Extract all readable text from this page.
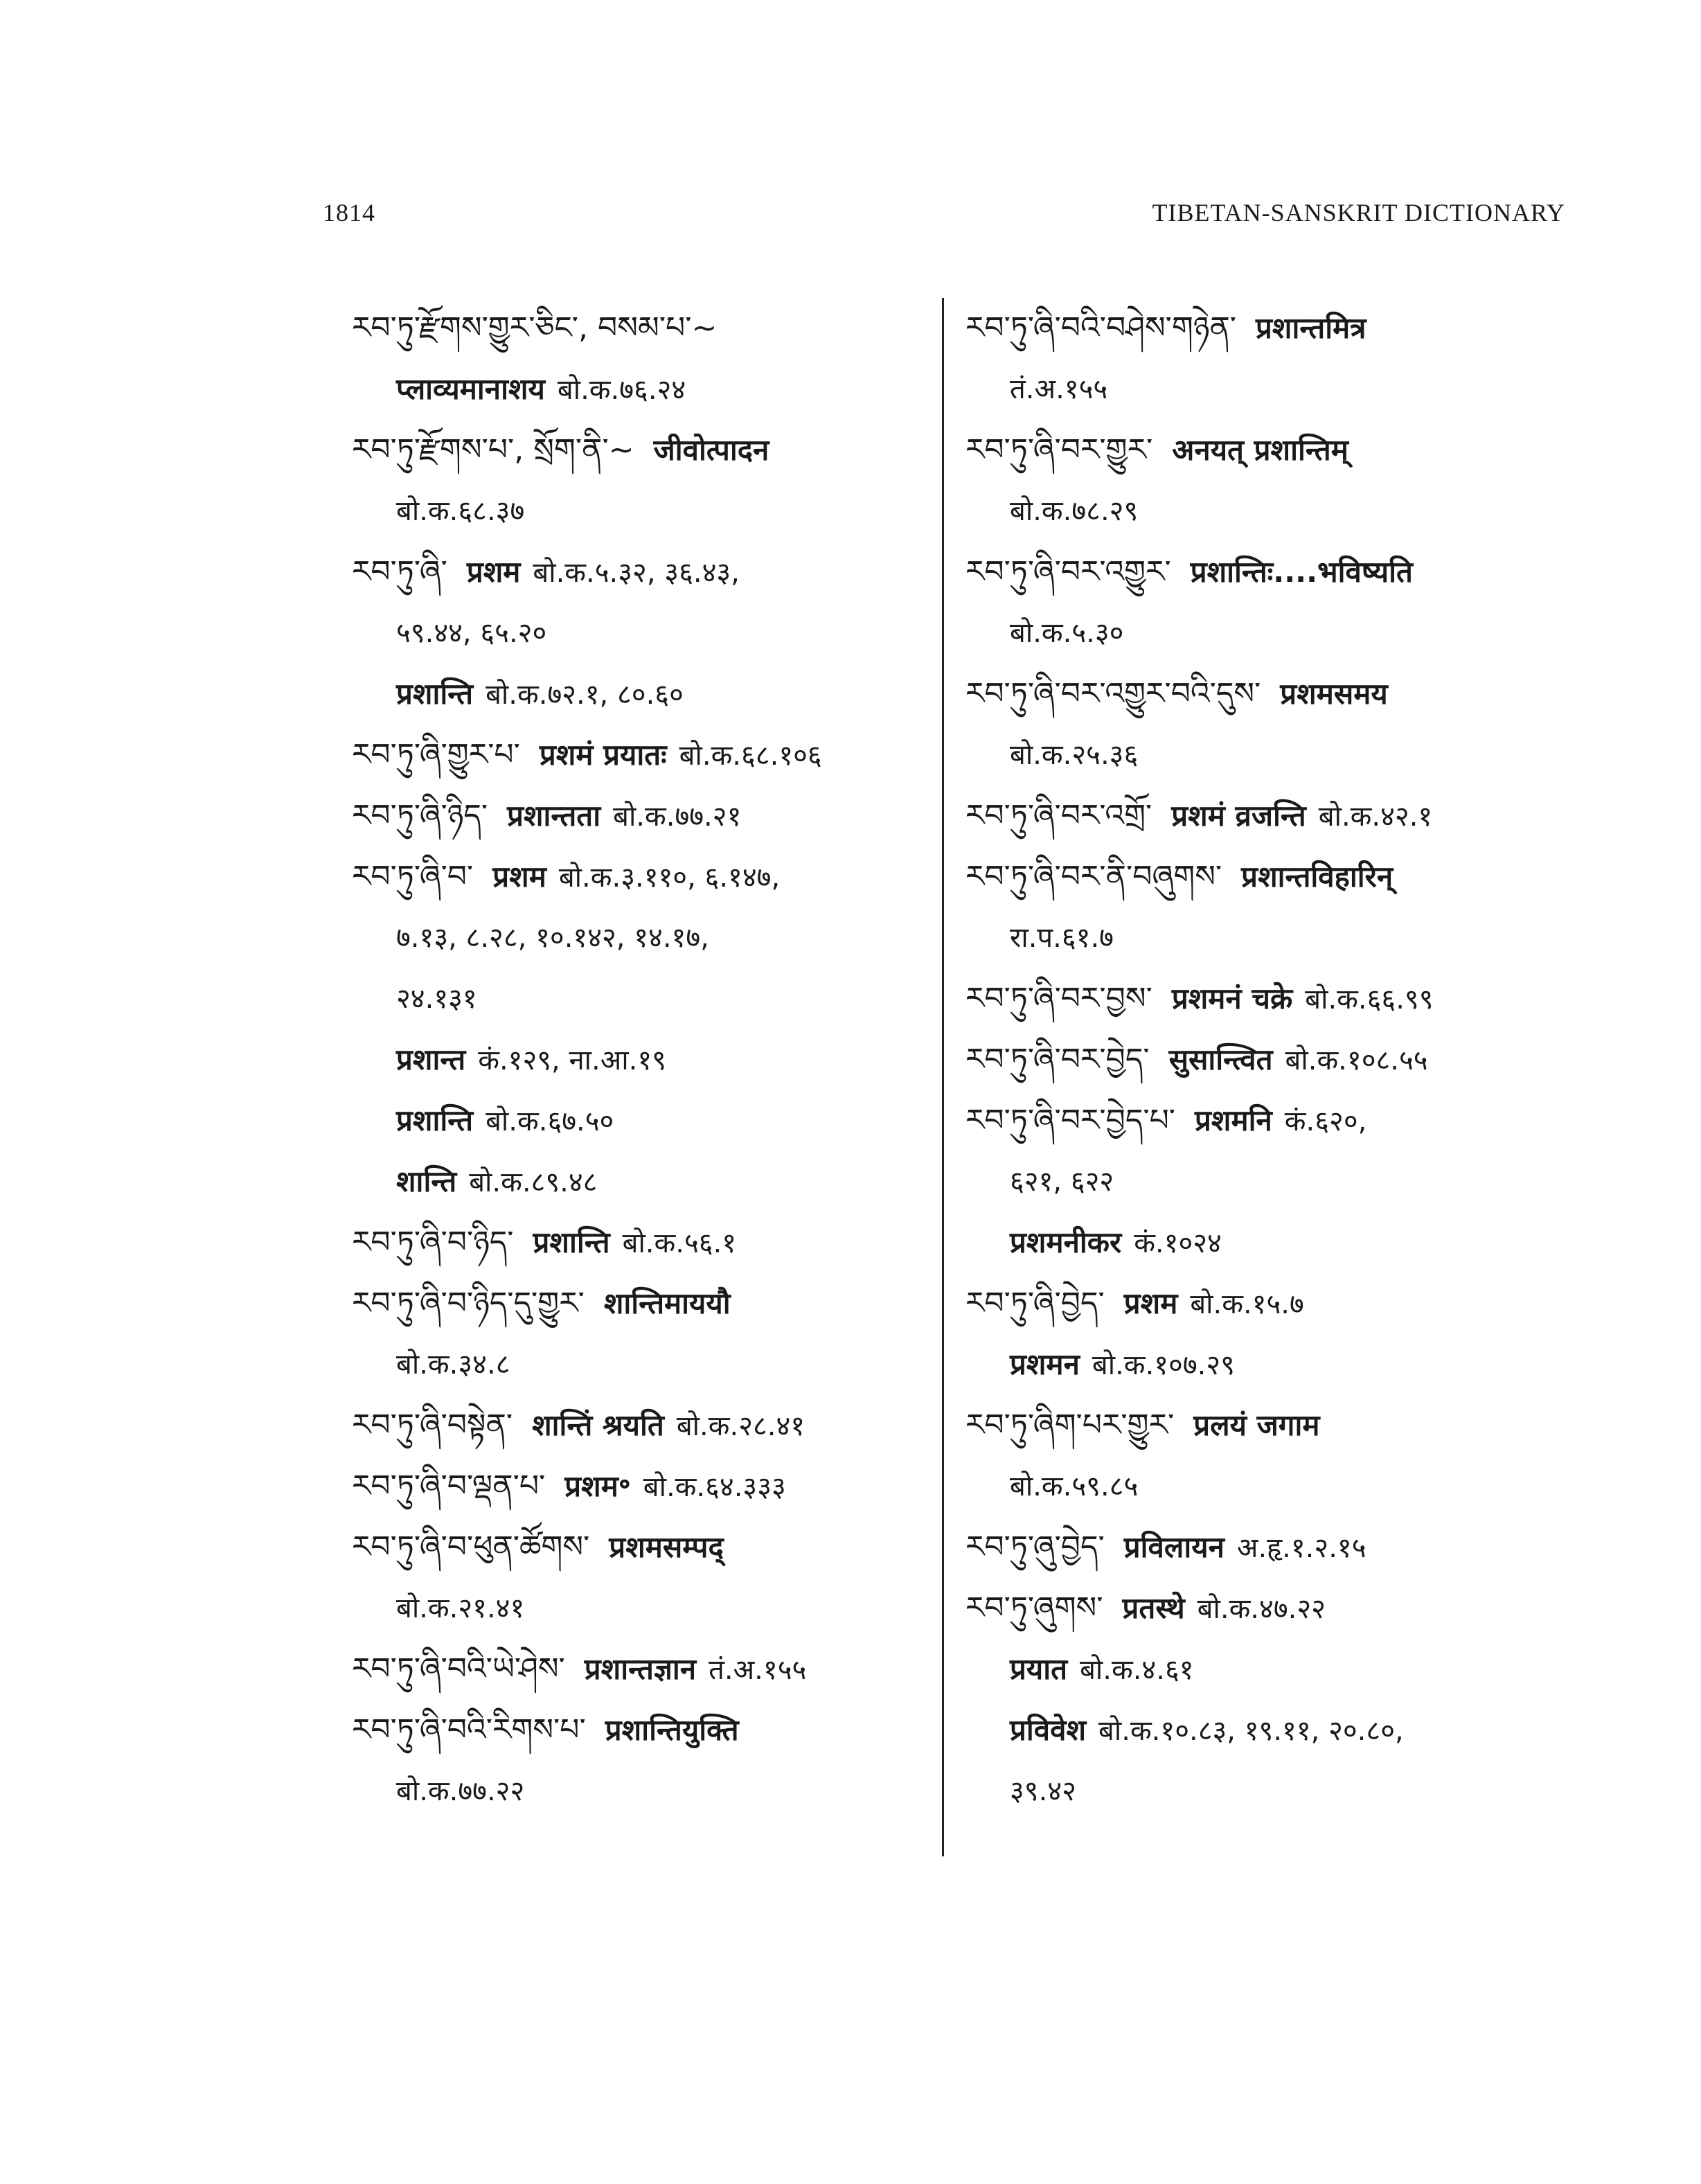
1814	TIBETAN-SANSKRIT DICTIONARY
རབ་ཏུ་རྫོགས་གྱུར་ཅིང་, བསམ་པ་~
प्लाव्यमानाशय बो.क.७६.२४
རབ་ཏུ་རྫོགས་པ་, སྲོག་ནི་~ जीवोत्पादन
बो.क.६८.३७
རབ་ཏུ་ཞི་ प्रशम बो.क.५.३२, ३६.४३,
५९.४४, ६५.२०
प्रशान्ति बो.क.७२.१, ८०.६०
རབ་ཏུ་ཞི་གྱུར་པ་ प्रशमं प्रयातः बो.क.६८.१०६
རབ་ཏུ་ཞི་ཉིད་ प्रशान्तता बो.क.७७.२१
རབ་ཏུ་ཞི་བ་ प्रशम बो.क.३.११०, ६.१४७,
७.१३, ८.२८, १०.१४२, १४.१७,
२४.१३१
प्रशान्त कं.१२९, ना.आ.१९
प्रशान्ति बो.क.६७.५०
शान्ति बो.क.८९.४८
རབ་ཏུ་ཞི་བ་ཉིད་ प्रशान्ति बो.क.५६.१
རབ་ཏུ་ཞི་བ་ཉིད་དུ་གྱུར་ शान्तिमाययौ
बो.क.३४.८
རབ་ཏུ་ཞི་བསྟེན་ शान्तिं श्रयति बो.क.२८.४१
རབ་ཏུ་ཞི་བ་ལྡན་པ་ प्रशम॰ बो.क.६४.३३३
རབ་ཏུ་ཞི་བ་ཕུན་ཚོགས་ प्रशमसम्पद्
बो.क.२१.४१
རབ་ཏུ་ཞི་བའི་ཡེ་ཤེས་ प्रशान्तज्ञान तं.अ.१५५
རབ་ཏུ་ཞི་བའི་རིགས་པ་ प्रशान्तियुक्ति
बो.क.७७.२२
རབ་ཏུ་ཞི་བའི་བཤེས་གཉེན་ प्रशान्तमित्र
तं.अ.१५५
རབ་ཏུ་ཞི་བར་གྱུར་ अनयत् प्रशान्तिम्
बो.क.७८.२९
རབ་ཏུ་ཞི་བར་འགྱུར་ प्रशान्तिः....भविष्यति
बो.क.५.३०
རབ་ཏུ་ཞི་བར་འགྱུར་བའི་དུས་ प्रशमसमय
बो.क.२५.३६
རབ་ཏུ་ཞི་བར་འགྲོ་ प्रशमं व्रजन्ति बो.क.४२.१
རབ་ཏུ་ཞི་བར་ནི་བཞུགས་ प्रशान्तविहारिन्
रा.प.६१.७
རབ་ཏུ་ཞི་བར་བྱས་ प्रशमनं चक्रे बो.क.६६.९९
རབ་ཏུ་ཞི་བར་བྱེད་ सुसान्त्वित बो.क.१०८.५५
རབ་ཏུ་ཞི་བར་བྱེད་པ་ प्रशमनि कं.६२०,
६२१, ६२२
प्रशमनीकर कं.१०२४
རབ་ཏུ་ཞི་བྱེད་ प्रशम बो.क.१५.७
प्रशमन बो.क.१०७.२९
རབ་ཏུ་ཞིག་པར་གྱུར་ प्रलयं जगाम
बो.क.५९.८५
རབ་ཏུ་ཞུ་བྱེད་ प्रविलायन अ.हृ.१.२.१५
རབ་ཏུ་ཞུགས་ प्रतस्थे बो.क.४७.२२
प्रयात बो.क.४.६१
प्रविवेश बो.क.१०.८३, १९.११, २०.८०,
३९.४२
